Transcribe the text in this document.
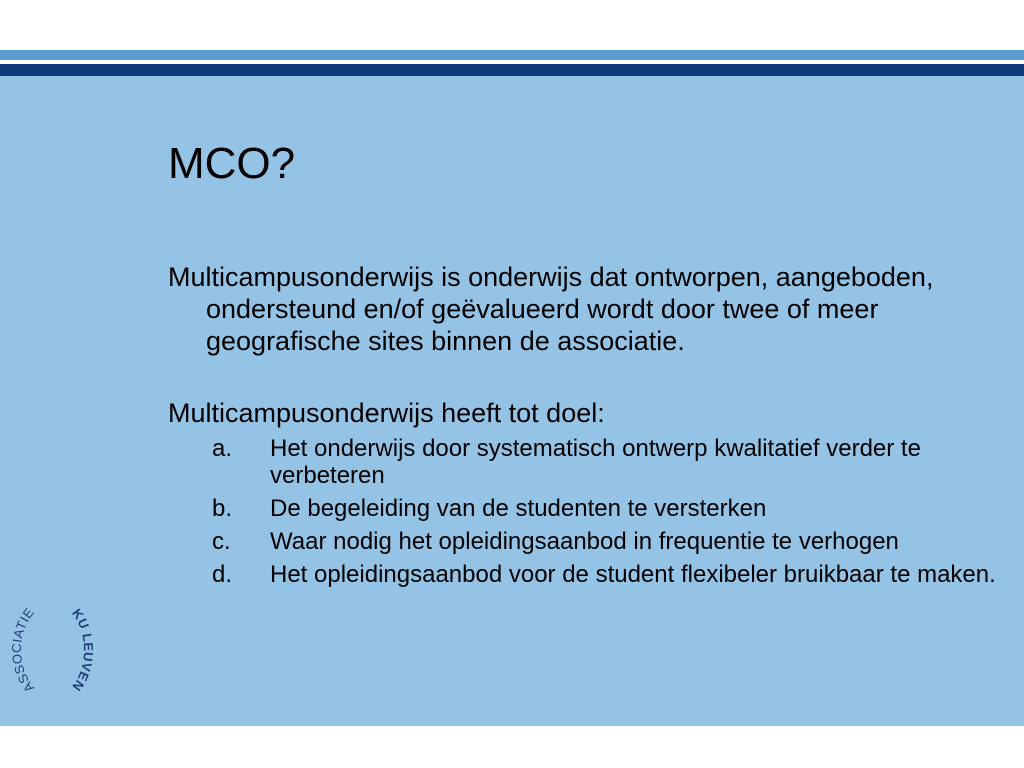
MCO?

Multicampusonderwijs is onderwijs dat ontworpen, aangeboden, ondersteund en/of geëvalueerd wordt door twee of meer geografische sites binnen de associatie.

Multicampusonderwijs heeft tot doel:

a. Het onderwijs door systematisch ontwerp kwalitatief verder te verbeteren
b. De begeleiding van de studenten te versterken
c. Waar nodig het opleidingsaanbod in frequentie te verhogen
d. Het opleidingsaanbod voor de student flexibeler bruikbaar te maken.
ASSOCIATIE KU LEUVEN
